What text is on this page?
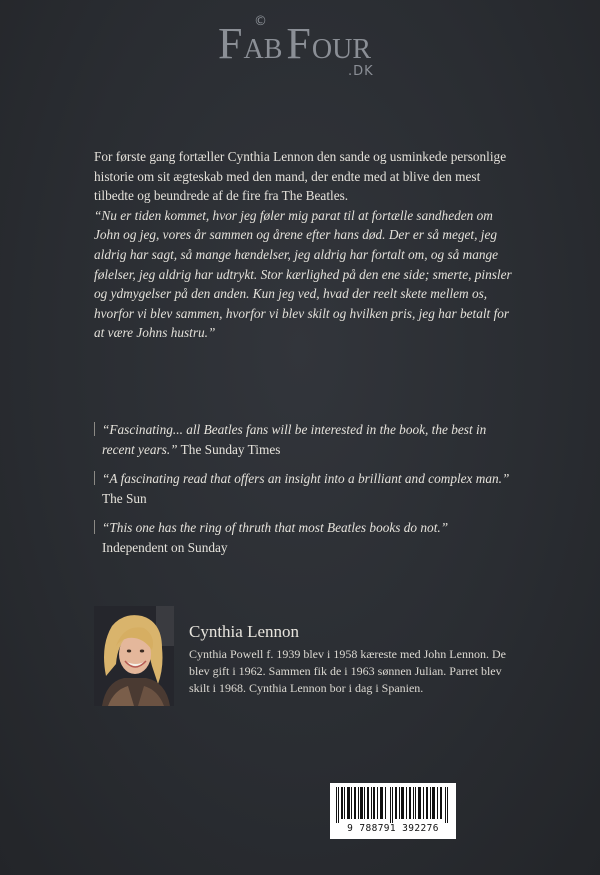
FAB FOUR
©
.DK

For første gang fortæller Cynthia Lennon den sande og usminkede personlige historie om sit ægteskab med den mand, der endte med at blive den mest tilbedte og beundrede af de fire fra The Beatles.

“Nu er tiden kommet, hvor jeg føler mig parat til at fortælle sandheden om John og jeg, vores år sammen og årene efter hans død. Der er så meget, jeg aldrig har sagt, så mange hændelser, jeg aldrig har fortalt om, og så mange følelser, jeg aldrig har udtrykt. Stor kærlighed på den ene side; smerte, pinsler og ydmygelser på den anden. Kun jeg ved, hvad der reelt skete mellem os, hvorfor vi blev sammen, hvorfor vi blev skilt og hvilken pris, jeg har betalt for at være Johns hustru.”

“Fascinating... all Beatles fans will be interested in the book, the best in recent years.” The Sunday Times
“A fascinating read that offers an insight into a brilliant and complex man.” The Sun
“This one has the ring of thruth that most Beatles books do not.”
Independent on Sunday
Cynthia Lennon
Cynthia Powell f. 1939 blev i 1958 kæreste med John Lennon. De blev gift i 1962. Sammen fik de i 1963 sønnen Julian. Parret blev skilt i 1968. Cynthia Lennon bor i dag i Spanien.
9 788791 392276
